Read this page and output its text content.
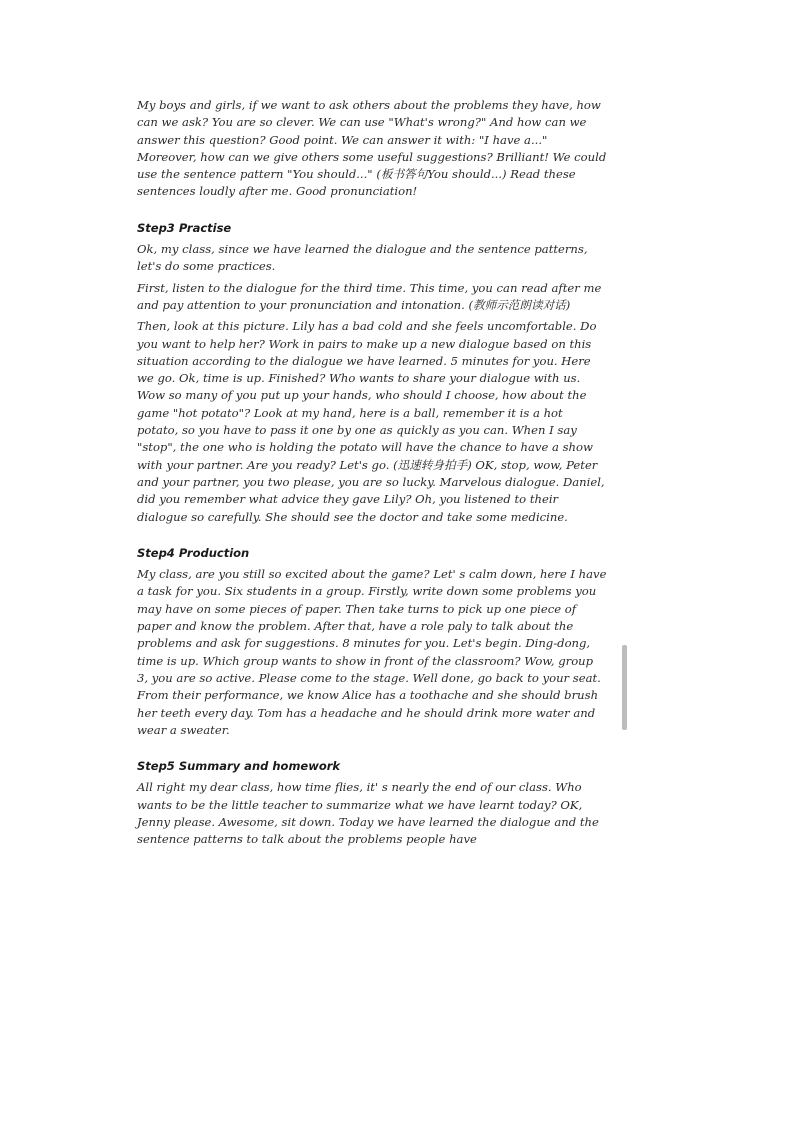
My boys and girls, if we want to ask others about the problems they have, how can we ask? You are so clever. We can use "What's wrong?" And how can we answer this question? Good point. We can answer it with: "I have a..." Moreover, how can we give others some useful suggestions? Brilliant! We could use the sentence pattern "You should..." (板书答句You should...) Read these sentences loudly after me. Good pronunciation!

Step3 Practise

Ok, my class, since we have learned the dialogue and the sentence patterns, let's do some practices.

First, listen to the dialogue for the third time. This time, you can read after me and pay attention to your pronunciation and intonation. (教师示范朗读对话)

Then, look at this picture. Lily has a bad cold and she feels uncomfortable. Do you want to help her? Work in pairs to make up a new dialogue based on this situation according to the dialogue we have learned. 5 minutes for you. Here we go. Ok, time is up. Finished? Who wants to share your dialogue with us. Wow so many of you put up your hands, who should I choose, how about the game "hot potato"? Look at my hand, here is a ball, remember it is a hot potato, so you have to pass it one by one as quickly as you can. When I say "stop", the one who is holding the potato will have the chance to have a show with your partner. Are you ready? Let's go. (迅速转身拍手) OK, stop, wow, Peter and your partner, you two please, you are so lucky. Marvelous dialogue. Daniel, did you remember what advice they gave Lily? Oh, you listened to their dialogue so carefully. She should see the doctor and take some medicine.

Step4 Production

My class, are you still so excited about the game? Let' s calm down, here I have a task for you. Six students in a group. Firstly, write down some problems you may have on some pieces of paper. Then take turns to pick up one piece of paper and know the problem. After that, have a role paly to talk about the problems and ask for suggestions. 8 minutes for you. Let's begin. Ding-dong, time is up. Which group wants to show in front of the classroom? Wow, group 3, you are so active. Please come to the stage. Well done, go back to your seat. From their performance, we know Alice has a toothache and she should brush her teeth every day. Tom has a headache and he should drink more water and wear a sweater.

Step5 Summary and homework

All right my dear class, how time flies, it' s nearly the end of our class. Who wants to be the little teacher to summarize what we have learnt today? OK, Jenny please. Awesome, sit down. Today we have learned the dialogue and the sentence patterns to talk about the problems people have
